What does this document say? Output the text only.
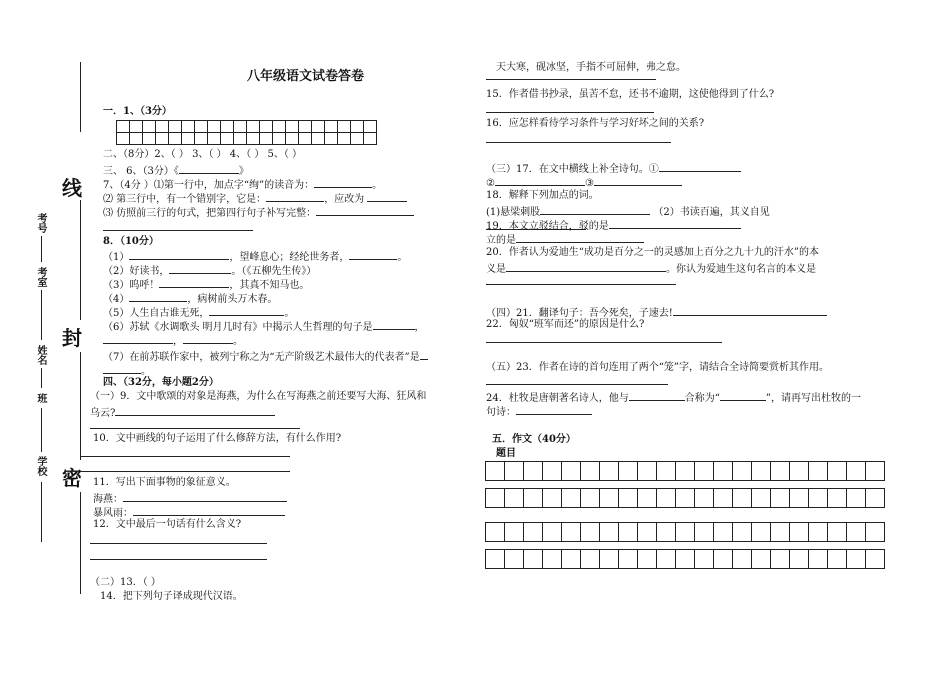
八年级语文试卷答卷
线
封
密
考号
考室
姓名
班
学校
一．1、（3分）

二、（8分）2、（ ） 3、（ ） 4、（ ） 5、（ ）
三、 6、（3分）《	》
7、（4分 ）⑴第一行中，加点字“绚”的读音为：	。
⑵ 第三行中，有一个错别字，它是：	，应改为
⑶ 仿照前三行的句式，把第四行句子补写完整：
8．（10分）
（1）	，望峰息心；经纶世务者，	。
（2）好读书，	。（《五柳先生传》）
（3）呜呼！	，其真不知马也。
（4）	，病树前头万木春。
（5）人生自古谁无死，	。
（6）苏轼《水调歌头 明月几时有》中揭示人生哲理的句子是	，
，	。
（7）在前苏联作家中，被列宁称之为“无产阶级艺术最伟大的代表者”是
。
四、（32分，每小题2分）
（一）9．文中歌颂的对象是海燕，为什么在写海燕之前还要写大海、狂风和
乌云?
10．文中画线的句子运用了什么修辞方法，有什么作用?
11．写出下面事物的象征意义。
海燕：
暴风雨：
12．文中最后一句话有什么含义?
（二）13．（ ）
14．把下列句子译成现代汉语。
天大寒，砚冰坚，手指不可屈伸，弗之怠。
15．作者借书抄录，虽苦不怠，还书不逾期，这使他得到了什么?
16．应怎样看待学习条件与学习好坏之间的关系?
（三）17．在文中横线上补全诗句。①
②	③
18．解释下列加点的词。
(1)悬梁刺股	（2）书读百遍，其义自见
19．本文立驳结合，驳的是
立的是
20．作者认为爱迪生“成功是百分之一的灵感加上百分之九十九的汗水”的本
义是	。你认为爱迪生这句名言的本义是
（四）21．翻译句子：吾今死矣，子速去!
22．匈奴“班军而还”的原因是什么?
（五）23．作者在诗的首句连用了两个“笼”字，请结合全诗简要赏析其作用。
24．杜牧是唐朝著名诗人，他与	合称为“	”，请再写出杜牧的一
句诗：
五．作文（40分）
题目
